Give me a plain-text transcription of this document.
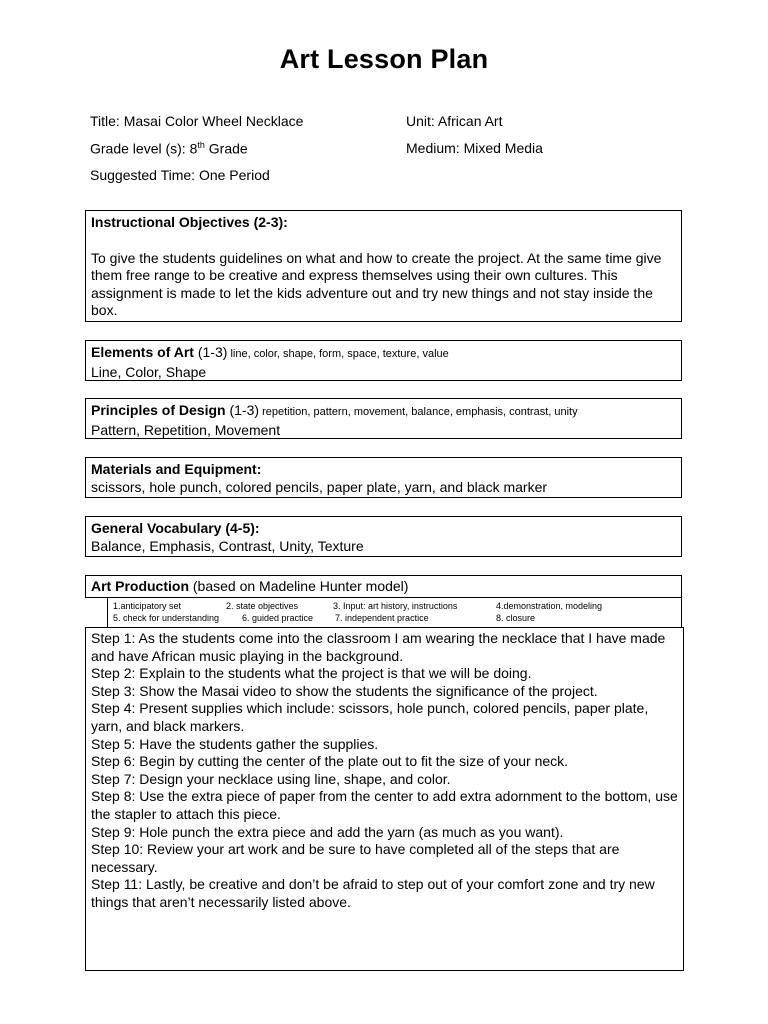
Art Lesson Plan
Title: Masai Color Wheel Necklace	Unit: African Art
Grade level (s): 8th Grade	Medium: Mixed Media
Suggested Time: One Period
Instructional Objectives (2-3):
To give the students guidelines on what and how to create the project. At the same time give them free range to be creative and express themselves using their own cultures. This assignment is made to let the kids adventure out and try new things and not stay inside the box.
Elements of Art (1-3) line, color, shape, form, space, texture, value
Line, Color, Shape
Principles of Design (1-3) repetition, pattern, movement, balance, emphasis, contrast, unity
Pattern, Repetition, Movement
Materials and Equipment:
scissors, hole punch, colored pencils, paper plate, yarn, and black marker
General Vocabulary (4-5):
Balance, Emphasis, Contrast, Unity, Texture
Art Production (based on Madeline Hunter model)
1.anticipatory set	2. state objectives	3. Input: art history, instructions	4.demonstration, modeling
5. check for understanding	6. guided practice 7. independent practice	8. closure
Step 1: As the students come into the classroom I am wearing the necklace that I have made and have African music playing in the background.
Step 2: Explain to the students what the project is that we will be doing.
Step 3: Show the Masai video to show the students the significance of the project.
Step 4: Present supplies which include: scissors, hole punch, colored pencils, paper plate, yarn, and black markers.
Step 5: Have the students gather the supplies.
Step 6: Begin by cutting the center of the plate out to fit the size of your neck.
Step 7: Design your necklace using line, shape, and color.
Step 8: Use the extra piece of paper from the center to add extra adornment to the bottom, use the stapler to attach this piece.
Step 9: Hole punch the extra piece and add the yarn (as much as you want).
Step 10: Review your art work and be sure to have completed all of the steps that are necessary.
Step 11: Lastly, be creative and don’t be afraid to step out of your comfort zone and try new things that aren’t necessarily listed above.
